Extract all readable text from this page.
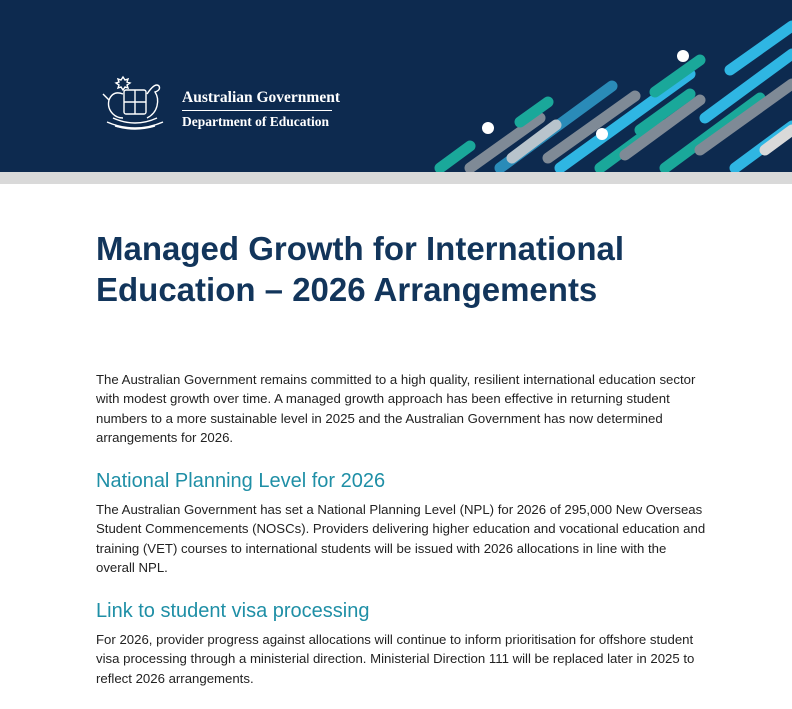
Australian Government
Department of Education
Managed Growth for International Education – 2026 Arrangements

The Australian Government remains committed to a high quality, resilient international education sector with modest growth over time. A managed growth approach has been effective in returning student numbers to a more sustainable level in 2025 and the Australian Government has now determined arrangements for 2026.

National Planning Level for 2026

The Australian Government has set a National Planning Level (NPL) for 2026 of 295,000 New Overseas Student Commencements (NOSCs). Providers delivering higher education and vocational education and training (VET) courses to international students will be issued with 2026 allocations in line with the overall NPL.

Link to student visa processing

For 2026, provider progress against allocations will continue to inform prioritisation for offshore student visa processing through a ministerial direction. Ministerial Direction 111 will be replaced later in 2025 to reflect 2026 arrangements.
